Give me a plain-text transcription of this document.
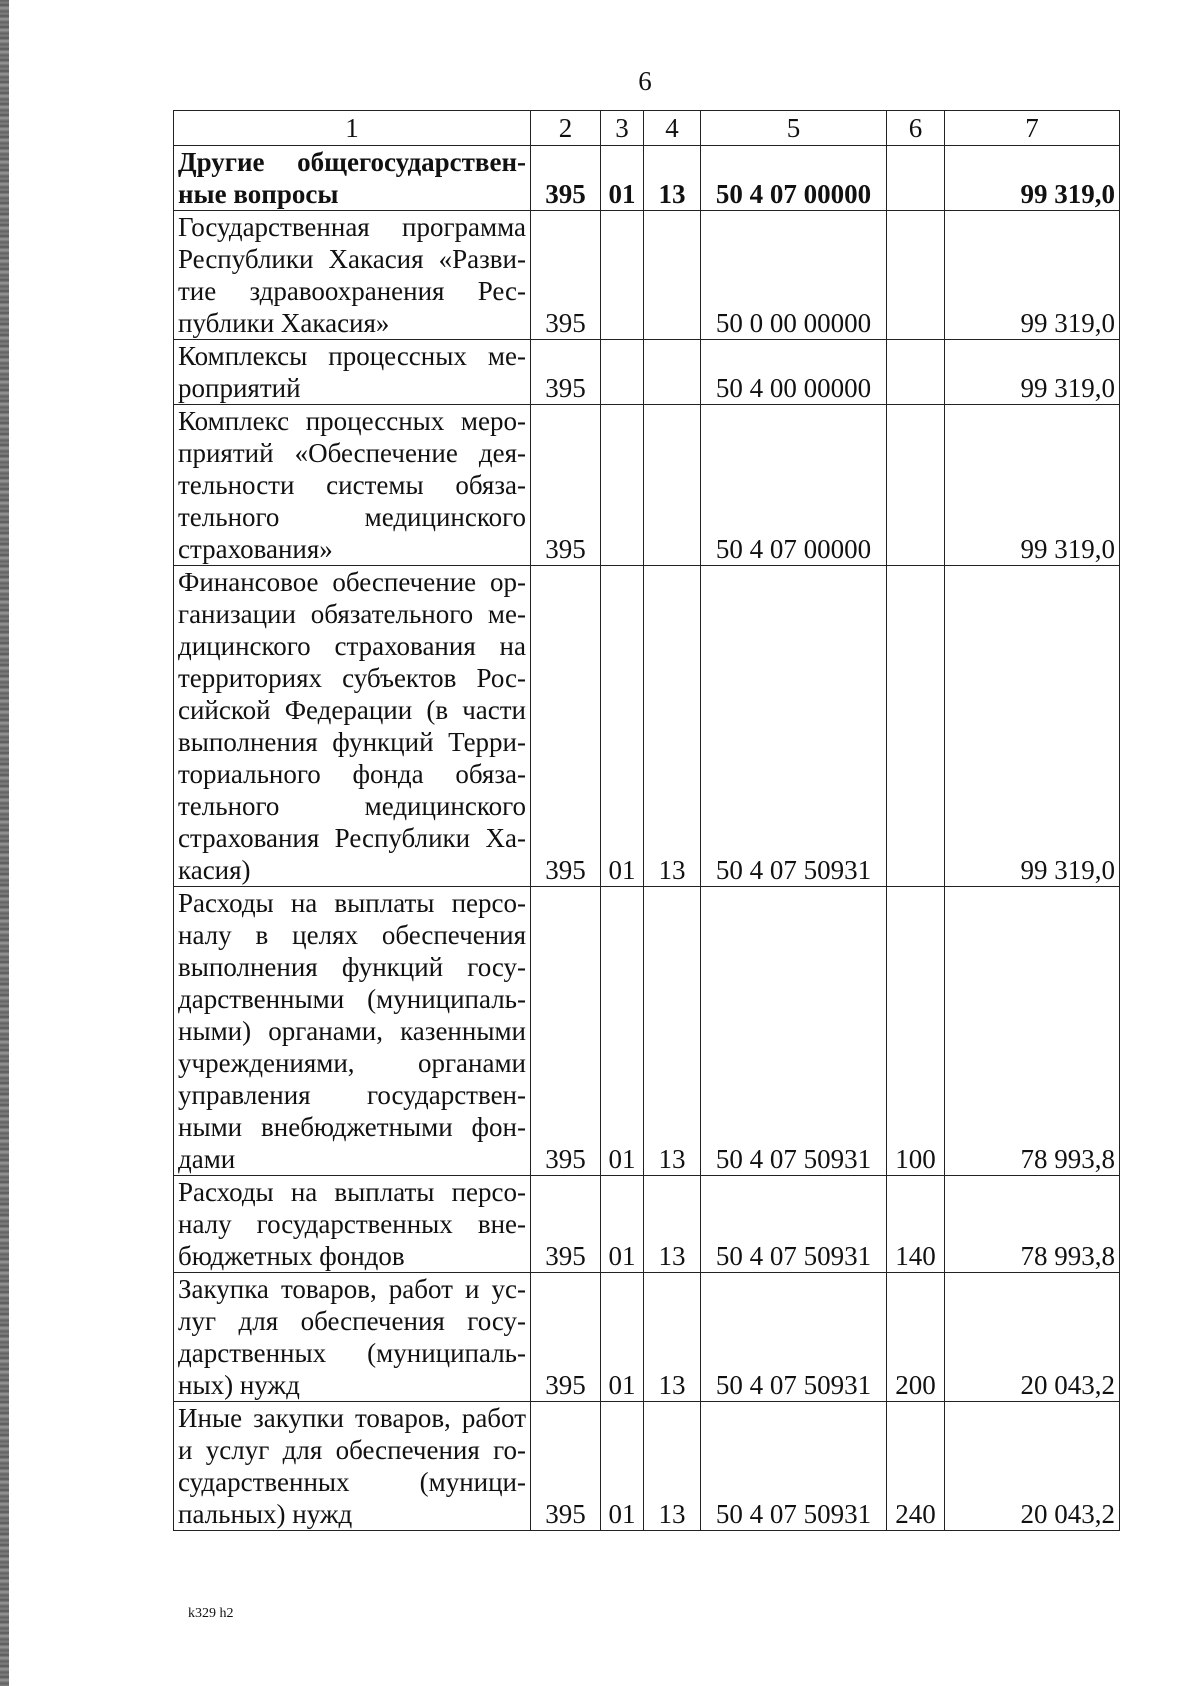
6
1	2	3	4	5	6	7
Другие общегосударствен-ные вопросы	395	01	13	50 4 07 00000		99 319,0
Государственная программа Республики Хакасия «Разви-тие здравоохранения Рес-публики Хакасия»	395			50 0 00 00000		99 319,0
Комплексы процессных ме-роприятий	395			50 4 00 00000		99 319,0
Комплекс процессных меро-приятий «Обеспечение дея-тельности системы обяза-тельного медицинского страхования»	395			50 4 07 00000		99 319,0
Финансовое обеспечение ор-ганизации обязательного ме-дицинского страхования на территориях субъектов Рос-сийской Федерации (в части выполнения функций Терри-ториального фонда обяза-тельного медицинского страхования Республики Ха-касия)	395	01	13	50 4 07 50931		99 319,0
Расходы на выплаты персо-налу в целях обеспечения выполнения функций госу-дарственными (муниципаль-ными) органами, казенными учреждениями, органами управления государствен-ными внебюджетными фон-дами	395	01	13	50 4 07 50931	100	78 993,8
Расходы на выплаты персо-налу государственных вне-бюджетных фондов	395	01	13	50 4 07 50931	140	78 993,8
Закупка товаров, работ и ус-луг для обеспечения госу-дарственных (муниципаль-ных) нужд	395	01	13	50 4 07 50931	200	20 043,2
Иные закупки товаров, работ и услуг для обеспечения го-сударственных (муници-пальных) нужд	395	01	13	50 4 07 50931	240	20 043,2
k329 h2
